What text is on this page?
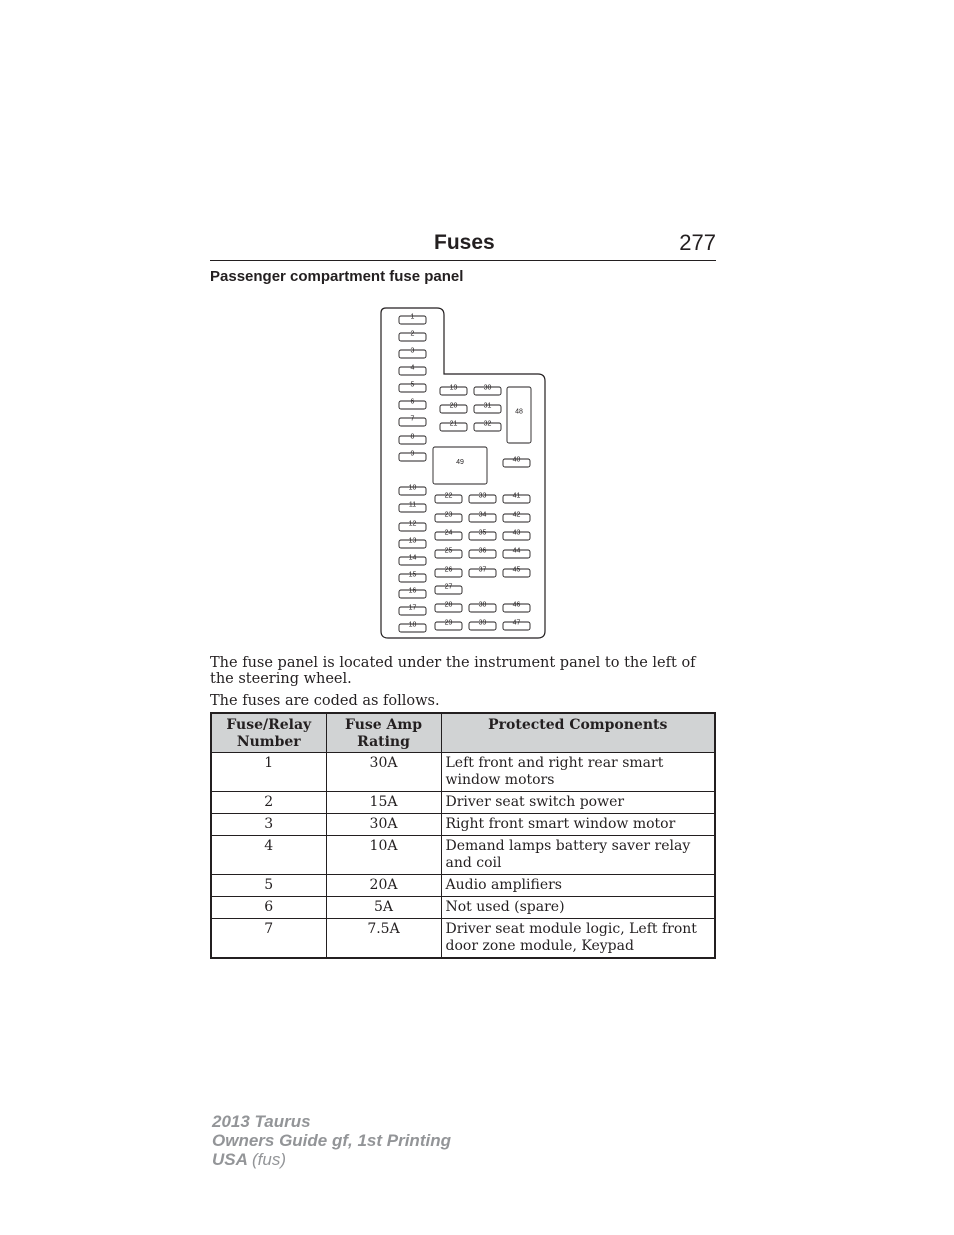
Fuses	277
Passenger compartment fuse panel
1
2
3
4
5
6
7
8
9
10
11
12
13
14
15
16
17
18
19	30
20	31
21	32
48
49	40
22	33	41
23	34	42
24	35	43
25	36	44
26	37	45
27
28	38	46
29	39	47

The fuse panel is located under the instrument panel to the left of the steering wheel.

The fuses are coded as follows.

Fuse/Relay Number	Fuse Amp Rating	Protected Components
1	30A	Left front and right rear smart window motors
2	15A	Driver seat switch power
3	30A	Right front smart window motor
4	10A	Demand lamps battery saver relay and coil
5	20A	Audio amplifiers
6	5A	Not used (spare)
7	7.5A	Driver seat module logic, Left front door zone module, Keypad
2013 Taurus
Owners Guide gf, 1st Printing
USA (fus)
